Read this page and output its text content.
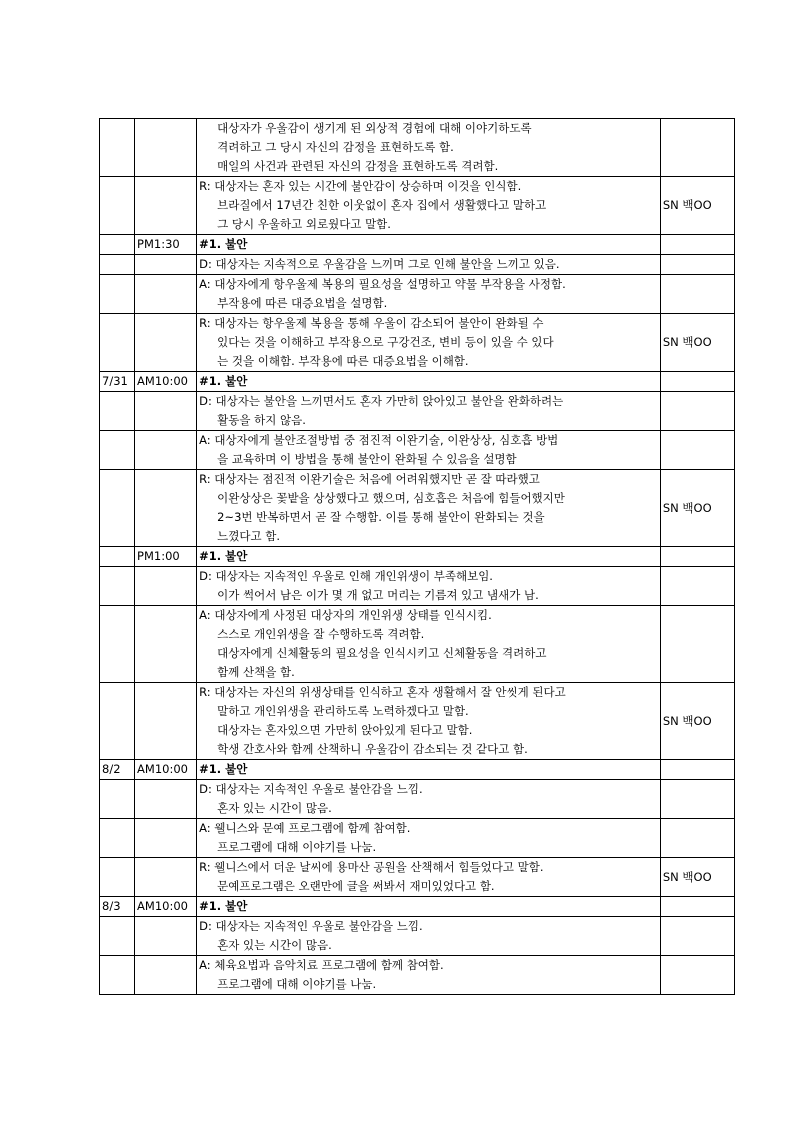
		대상자가 우울감이 생기게 된 외상적 경험에 대해 이야기하도록
격려하고 그 당시 자신의 감정을 표현하도록 함.
매일의 사건과 관련된 자신의 감정을 표현하도록 격려함.	

		R: 대상자는 혼자 있는 시간에 불안감이 상승하며 이것을 인식함.
브라질에서 17년간 친한 이웃없이 혼자 집에서 생활했다고 말하고
그 당시 우울하고 외로웠다고 말함.	SN 백OO
	PM1:30	#1. 불안	

		D: 대상자는 지속적으로 우울감을 느끼며 그로 인해 불안을 느끼고 있음.	

		A: 대상자에게 항우울제 복용의 필요성을 설명하고 약물 부작용을 사정함.
부작용에 따른 대증요법을 설명함.	

		R: 대상자는 항우울제 복용을 통해 우울이 감소되어 불안이 완화될 수
있다는 것을 이해하고 부작용으로 구강건조, 변비 등이 있을 수 있다
는 것을 이해함. 부작용에 따른 대증요법을 이해함.	SN 백OO
7/31	AM10:00	#1. 불안	

		D: 대상자는 불안을 느끼면서도 혼자 가만히 앉아있고 불안을 완화하려는
활동을 하지 않음.	

		A: 대상자에게 불안조절방법 중 점진적 이완기술, 이완상상, 심호흡 방법
을 교육하며 이 방법을 통해 불안이 완화될 수 있음을 설명함	

		R: 대상자는 점진적 이완기술은 처음에 어려워했지만 곧 잘 따라했고
이완상상은 꽃밭을 상상했다고 했으며, 심호흡은 처음에 힘들어했지만
2~3번 반복하면서 곧 잘 수행함. 이를 통해 불안이 완화되는 것을
느꼈다고 함.	SN 백OO
	PM1:00	#1. 불안	

		D: 대상자는 지속적인 우울로 인해 개인위생이 부족해보임.
이가 썩어서 남은 이가 몇 개 없고 머리는 기름져 있고 냄새가 남.	

		A: 대상자에게 사정된 대상자의 개인위생 상태를 인식시킴.
스스로 개인위생을 잘 수행하도록 격려함.
대상자에게 신체활동의 필요성을 인식시키고 신체활동을 격려하고
함께 산책을 함.	

		R: 대상자는 자신의 위생상태를 인식하고 혼자 생활해서 잘 안씻게 된다고
말하고 개인위생을 관리하도록 노력하겠다고 말함.
대상자는 혼자있으면 가만히 앉아있게 된다고 말함.
학생 간호사와 함께 산책하니 우울감이 감소되는 것 같다고 함.	SN 백OO
8/2	AM10:00	#1. 불안	

		D: 대상자는 지속적인 우울로 불안감을 느낌.
혼자 있는 시간이 많음.	

		A: 웰니스와 문예 프로그램에 함께 참여함.
프로그램에 대해 이야기를 나눔.	

		R: 웰니스에서 더운 날씨에 용마산 공원을 산책해서 힘들었다고 말함.
문예프로그램은 오랜만에 글을 써봐서 재미있었다고 함.	SN 백OO
8/3	AM10:00	#1. 불안	

		D: 대상자는 지속적인 우울로 불안감을 느낌.
혼자 있는 시간이 많음.	

		A: 체육요법과 음악치료 프로그램에 함께 참여함.
프로그램에 대해 이야기를 나눔.	
